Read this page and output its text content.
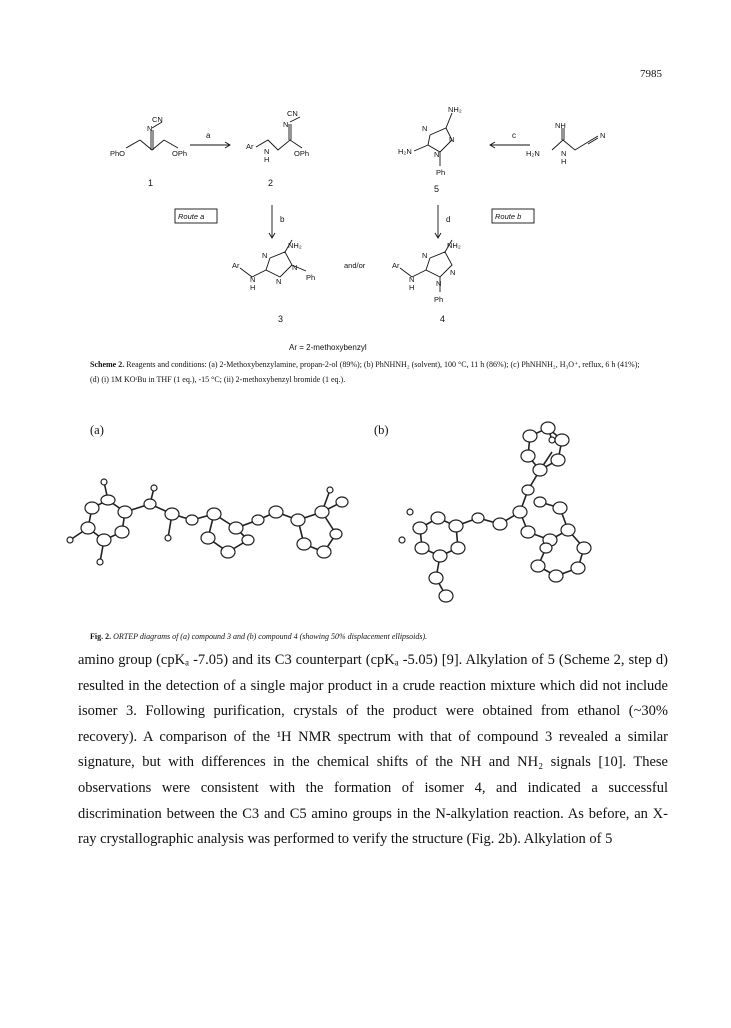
7985
CN
N
PhO	OPh
CN
N
Ar
N
H
OPh
NH₂
N
N
H₂N	N
Ph
NH
N
H₂N	N
H
NH₂
N
Ar
N
H
N
N
Ph
NH₂
N
N
Ar
N
H	N
Ph
1	2
5
3	4
a	c
b	d
Route a	Route b
and/or
Ar = 2-methoxybenzyl
Scheme 2. Reagents and conditions: (a) 2-Methoxybenzylamine, propan-2-ol (89%); (b) PhNHNH₂ (solvent), 100 °C, 11 h (86%); (c) PhNHNH₂, H₃O⁺, reflux, 6 h (41%); (d) (i) 1M KOᵗBu in THF (1 eq.), -15 °C; (ii) 2-methoxybenzyl bromide (1 eq.).
(a)	(b)
Fig. 2. ORTEP diagrams of (a) compound 3 and (b) compound 4 (showing 50% displacement ellipsoids).

amino group (cpKₐ -7.05) and its C3 counterpart (cpKₐ -5.05) [9]. Alkylation of 5 (Scheme 2, step d) resulted in the detection of a single major product in a crude reaction mixture which did not include isomer 3. Following purification, crystals of the product were obtained from ethanol (~30% recovery). A comparison of the ¹H NMR spectrum with that of compound 3 revealed a similar signature, but with differences in the chemical shifts of the NH and NH₂ signals [10]. These observations were consistent with the formation of isomer 4, and indicated a successful discrimination between the C3 and C5 amino groups in the N-alkylation reaction. As before, an X-ray crystallographic analysis was performed to verify the structure (Fig. 2b). Alkylation of 5
